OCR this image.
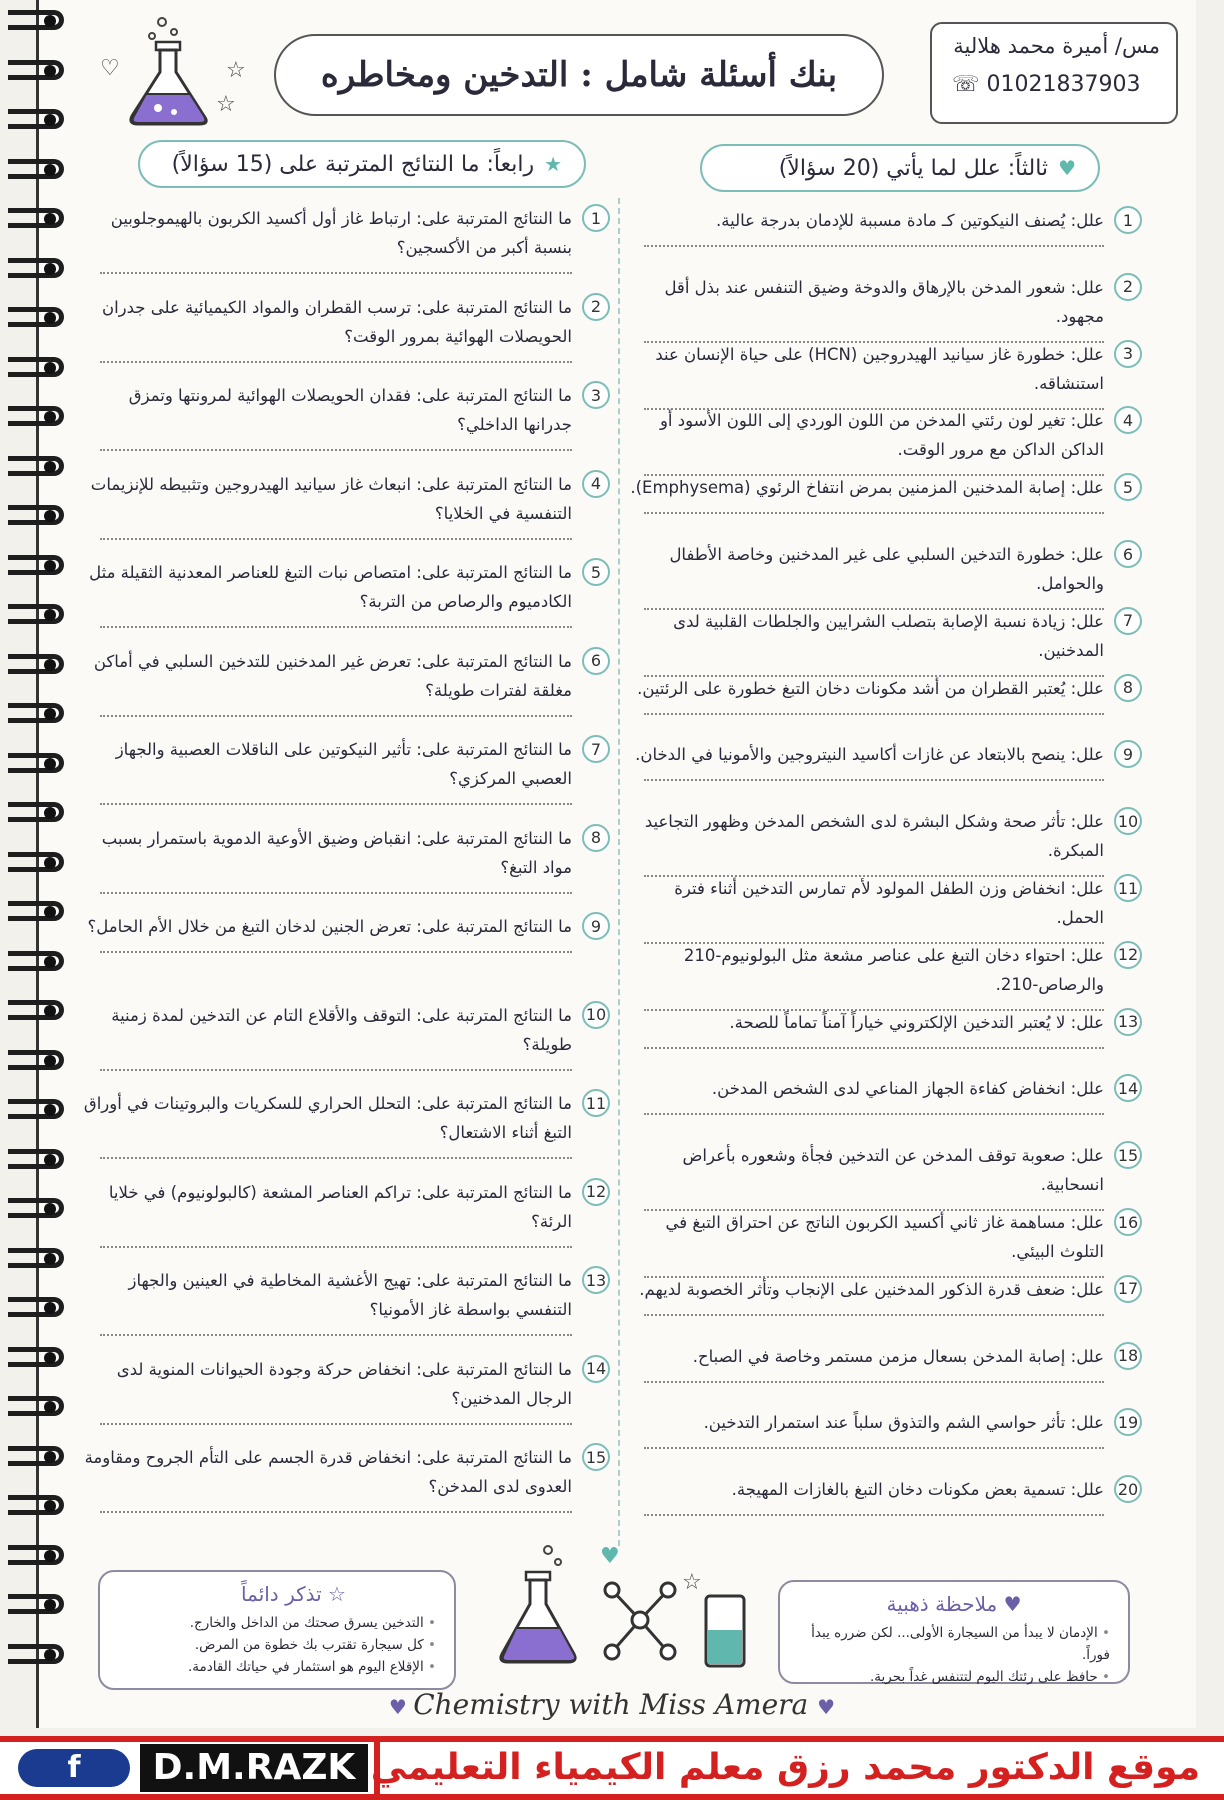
♡	☆
☆
بنك أسئلة شامل : التدخين ومخاطره
مس/ أميرة محمد هلالية
☏ 01021837903
♥
ثالثاً: علل لما يأتي (20 سؤالاً)
★
رابعاً: ما النتائج المترتبة على (15 سؤالاً)
1
علل: يُصنف النيكوتين كـ مادة مسببة للإدمان بدرجة عالية.
2
علل: شعور المدخن بالإرهاق والدوخة وضيق التنفس عند بذل أقل مجهود.
3
علل: خطورة غاز سيانيد الهيدروجين (HCN) على حياة الإنسان عند استنشاقه.
4
علل: تغير لون رئتي المدخن من اللون الوردي إلى اللون الأسود أو الداكن الداكن مع مرور الوقت.
5
علل: إصابة المدخنين المزمنين بمرض انتفاخ الرئوي (Emphysema).
6
علل: خطورة التدخين السلبي على غير المدخنين وخاصة الأطفال والحوامل.
7
علل: زيادة نسبة الإصابة بتصلب الشرايين والجلطات القلبية لدى المدخنين.
8
علل: يُعتبر القطران من أشد مكونات دخان التبغ خطورة على الرئتين.
9
علل: ينصح بالابتعاد عن غازات أكاسيد النيتروجين والأمونيا في الدخان.
10
علل: تأثر صحة وشكل البشرة لدى الشخص المدخن وظهور التجاعيد المبكرة.
11
علل: انخفاض وزن الطفل المولود لأم تمارس التدخين أثناء فترة الحمل.
12
علل: احتواء دخان التبغ على عناصر مشعة مثل البولونيوم-210 والرصاص-210.
13
علل: لا يُعتبر التدخين الإلكتروني خياراً آمناً تماماً للصحة.
14
علل: انخفاض كفاءة الجهاز المناعي لدى الشخص المدخن.
15
علل: صعوبة توقف المدخن عن التدخين فجأة وشعوره بأعراض انسحابية.
16
علل: مساهمة غاز ثاني أكسيد الكربون الناتج عن احتراق التبغ في التلوث البيئي.
17
علل: ضعف قدرة الذكور المدخنين على الإنجاب وتأثر الخصوبة لديهم.
18
علل: إصابة المدخن بسعال مزمن مستمر وخاصة في الصباح.
19
علل: تأثر حواسي الشم والتذوق سلباً عند استمرار التدخين.
20
علل: تسمية بعض مكونات دخان التبغ بالغازات المهيجة.
1
ما النتائج المترتبة على: ارتباط غاز أول أكسيد الكربون بالهيموجلوبين بنسبة أكبر من الأكسجين؟
2
ما النتائج المترتبة على: ترسب القطران والمواد الكيميائية على جدران الحويصلات الهوائية بمرور الوقت؟
3
ما النتائج المترتبة على: فقدان الحويصلات الهوائية لمرونتها وتمزق جدرانها الداخلي؟
4
ما النتائج المترتبة على: انبعاث غاز سيانيد الهيدروجين وتثبيطه للإنزيمات التنفسية في الخلايا؟
5
ما النتائج المترتبة على: امتصاص نبات التبغ للعناصر المعدنية الثقيلة مثل الكادميوم والرصاص من التربة؟
6
ما النتائج المترتبة على: تعرض غير المدخنين للتدخين السلبي في أماكن مغلقة لفترات طويلة؟
7
ما النتائج المترتبة على: تأثير النيكوتين على الناقلات العصبية والجهاز العصبي المركزي؟
8
ما النتائج المترتبة على: انقباض وضيق الأوعية الدموية باستمرار بسبب مواد التبغ؟
9
ما النتائج المترتبة على: تعرض الجنين لدخان التبغ من خلال الأم الحامل؟
10
ما النتائج المترتبة على: التوقف والأقلاع التام عن التدخين لمدة زمنية طويلة؟
11
ما النتائج المترتبة على: التحلل الحراري للسكريات والبروتينات في أوراق التبغ أثناء الاشتعال؟
12
ما النتائج المترتبة على: تراكم العناصر المشعة (كالبولونيوم) في خلايا الرئة؟
13
ما النتائج المترتبة على: تهيج الأغشية المخاطية في العينين والجهاز التنفسي بواسطة غاز الأمونيا؟
14
ما النتائج المترتبة على: انخفاض حركة وجودة الحيوانات المنوية لدى الرجال المدخنين؟
15
ما النتائج المترتبة على: انخفاض قدرة الجسم على التأم الجروح ومقاومة العدوى لدى المدخن؟
☆ تذكر دائماً
• التدخين يسرق صحتك من الداخل والخارج.
• كل سيجارة تقترب بك خطوة من المرض.
• الإقلاع اليوم هو استثمار في حياتك القادمة.
☆
♥
♥ ملاحظة ذهبية
• الإدمان لا يبدأ من السيجارة الأولى... لكن ضرره يبدأ فوراً.
• حافظ على رئتك اليوم لتتنفس غداً بحرية.
♥ Chemistry with Miss Amera ♥
f	D.M.RAZK موقع الدكتور محمد رزق معلم الكيمياء التعليمي
